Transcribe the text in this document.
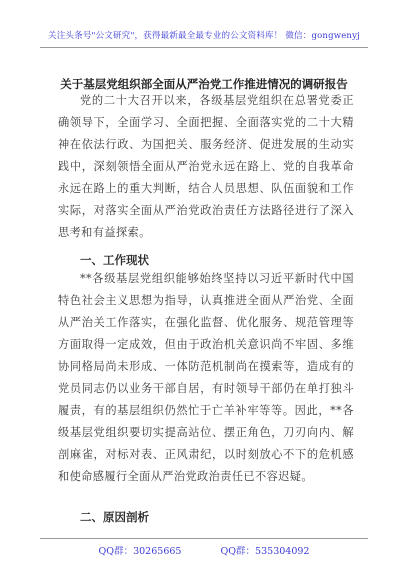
关注头条号"公文研究"，获得最新最全最专业的公文资料库！ 微信：gongwenyj
关于基层党组织部全面从严治党工作推进情况的调研报告

党的二十大召开以来，各级基层党组织在总署党委正确领导下，全面学习、全面把握、全面落实党的二十大精神在依法行政、为国把关、服务经济、促进发展的生动实践中，深刻领悟全面从严治党永远在路上、党的自我革命永远在路上的重大判断，结合人员思想、队伍面貌和工作实际，对落实全面从严治党政治责任方法路径进行了深入思考和有益探索。

一、工作现状

**各级基层党组织能够始终坚持以习近平新时代中国特色社会主义思想为指导，认真推进全面从严治党、全面从严治关工作落实，在强化监督、优化服务、规范管理等方面取得一定成效，但由于政治机关意识尚不牢固、多维协同格局尚未形成、一体防范机制尚在摸索等，造成有的党员同志仍以业务干部自居，有时领导干部仍在单打独斗履责，有的基层组织仍然忙于亡羊补牢等等。因此，**各级基层党组织要切实提高站位、摆正角色，刀刃向内、解剖麻雀，对标对表、正风肃纪，以时刻放心不下的危机感和使命感履行全面从严治党政治责任已不容迟疑。

二、原因剖析
QQ群：30265665	QQ群：535304092
